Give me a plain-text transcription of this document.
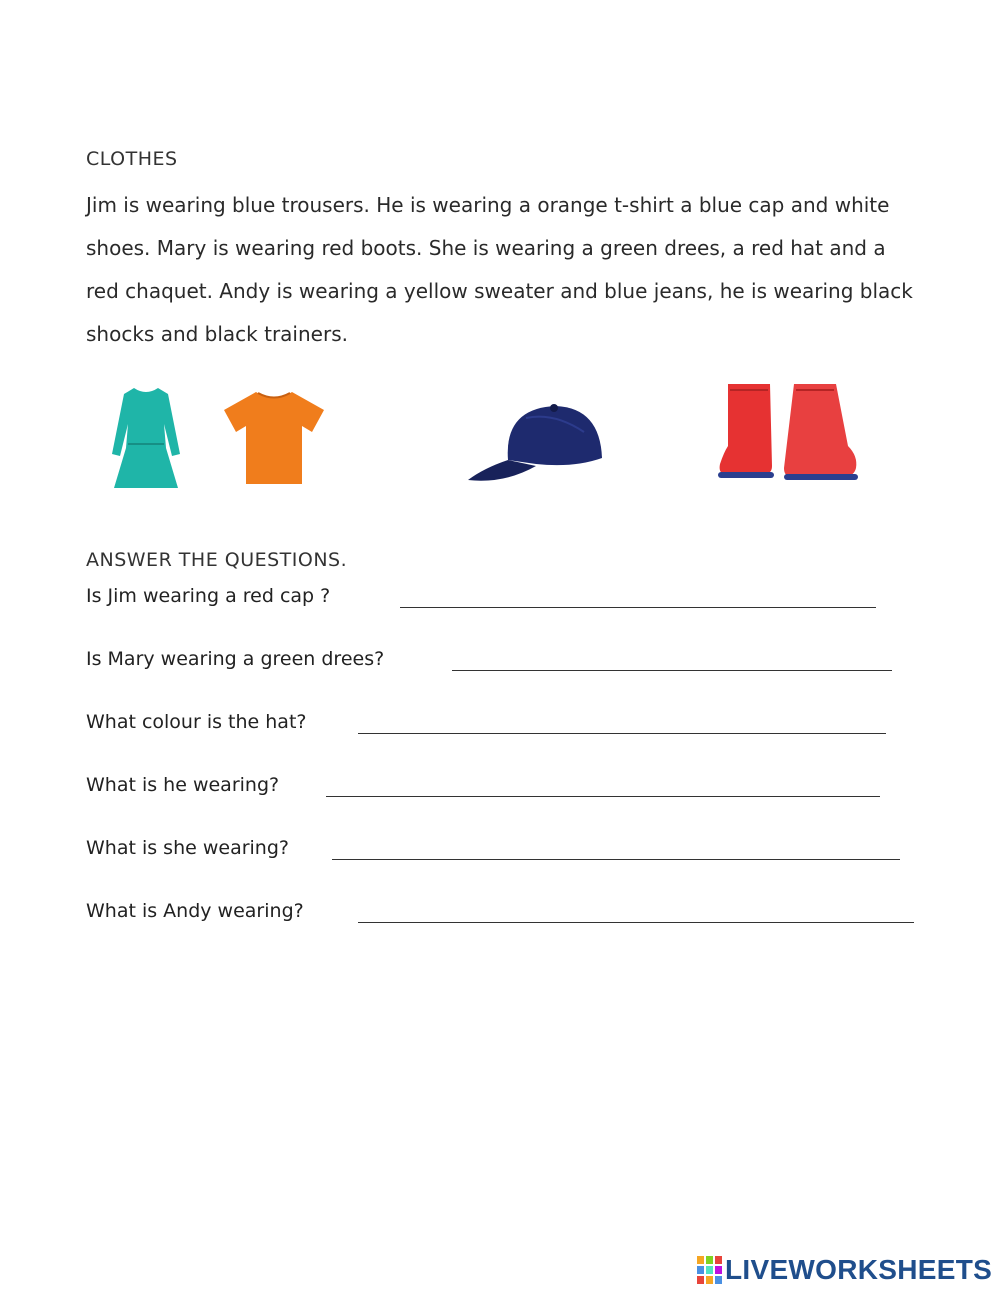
CLOTHES
Jim is wearing blue trousers. He is wearing a orange t-shirt a blue cap and white shoes. Mary is wearing red boots. She is wearing a green drees, a red hat and a red chaquet. Andy is wearing a yellow sweater and blue jeans, he is wearing black shocks and black trainers.
ANSWER THE QUESTIONS.
Is Jim wearing a red cap ?
Is Mary wearing a green drees?
What colour is the hat?
What is he wearing?
What is she wearing?
What is Andy wearing?
LIVEWORKSHEETS
